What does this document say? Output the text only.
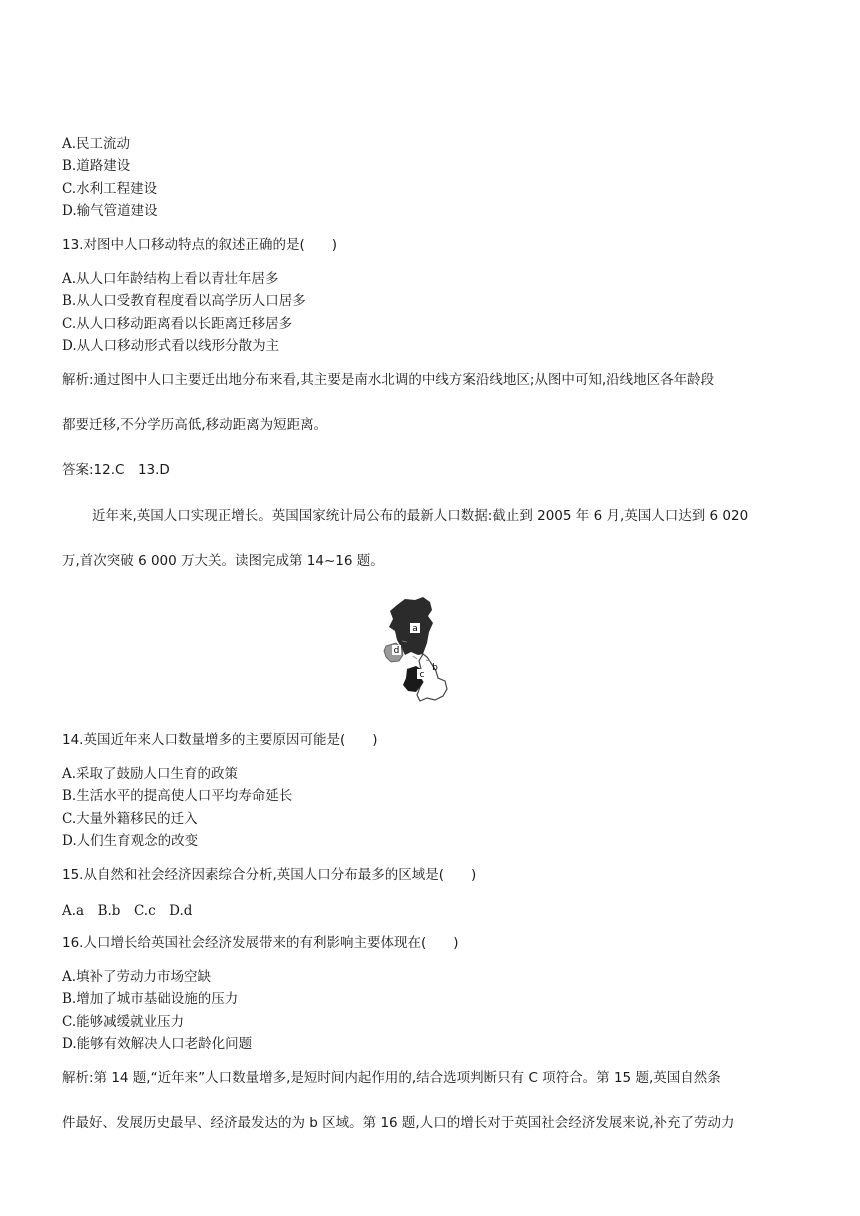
A.民工流动
B.道路建设
C.水利工程建设
D.输气管道建设
13.对图中人口移动特点的叙述正确的是(　　)
A.从人口年龄结构上看以青壮年居多
B.从人口受教育程度看以高学历人口居多
C.从人口移动距离看以长距离迁移居多
D.从人口移动形式看以线形分散为主
解析:通过图中人口主要迁出地分布来看,其主要是南水北调的中线方案沿线地区;从图中可知,沿线地区各年龄段
都要迁移,不分学历高低,移动距离为短距离。
答案:12.C　13.D
近年来,英国人口实现正增长。英国国家统计局公布的最新人口数据:截止到 2005 年 6 月,英国人口达到 6 020
万,首次突破 6 000 万大关。读图完成第 14~16 题。
a
b
c
d
14.英国近年来人口数量增多的主要原因可能是(　　)
A.采取了鼓励人口生育的政策
B.生活水平的提高使人口平均寿命延长
C.大量外籍移民的迁入
D.人们生育观念的改变
15.从自然和社会经济因素综合分析,英国人口分布最多的区域是(　　)
A.a　B.b　C.c　D.d
16.人口增长给英国社会经济发展带来的有利影响主要体现在(　　)
A.填补了劳动力市场空缺
B.增加了城市基础设施的压力
C.能够减缓就业压力
D.能够有效解决人口老龄化问题
解析:第 14 题,“近年来”人口数量增多,是短时间内起作用的,结合选项判断只有 C 项符合。第 15 题,英国自然条
件最好、发展历史最早、经济最发达的为 b 区域。第 16 题,人口的增长对于英国社会经济发展来说,补充了劳动力
